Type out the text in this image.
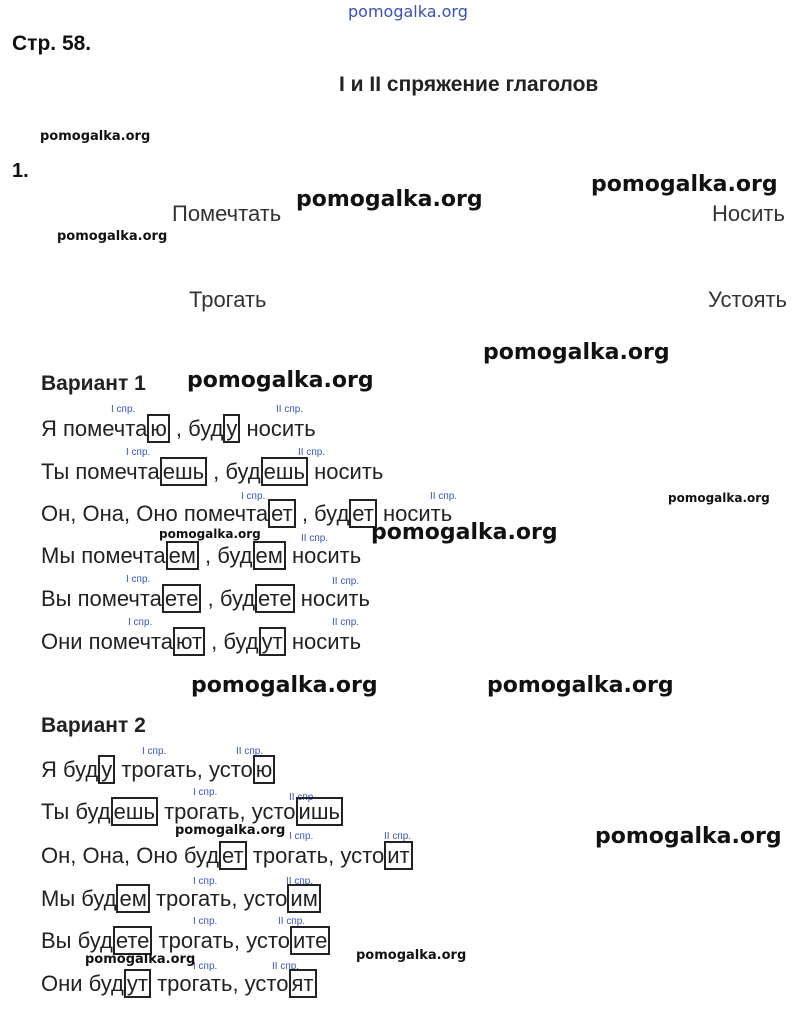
pomogalka.org
Стр. 58.
I и II спряжение глаголов
1.
Помечтать	Носить
Трогать	Устоять
Вариант 1
I спр.	II спр.
Я помечта ю , буд у носить
I спр.	II спр.
Ты помечта ешь , буд ешь носить
I спр.	II спр.
Он, Она, Оно помечта ет , буд ет носить
II спр.
Мы помечта ем , буд ем носить
I спр.	II спр.
Вы помечта ете , буд ете носить
I спр.	II спр.
Они помечта ют , буд ут носить
Вариант 2
I спр.	II спр.
Я буд у трогать, усто ю
I спр.	II спр
Ты буд ешь трогать, усто ишь
I спр.	II спр.
Он, Она, Оно буд ет трогать, усто ит
I спр.	II спр.
Мы буд ем трогать, усто им
I спр.	II спр.
Вы буд ете трогать, усто ите
I спр.	II спр.
Они буд ут трогать, усто ят
pomogalka.org
pomogalka.org
pomogalka.org
pomogalka.org
pomogalka.org
pomogalka.org
pomogalka.org
pomogalka.org
pomogalka.org
pomogalka.org	pomogalka.org
pomogalka.org
pomogalka.org
pomogalka.org	pomogalka.org
